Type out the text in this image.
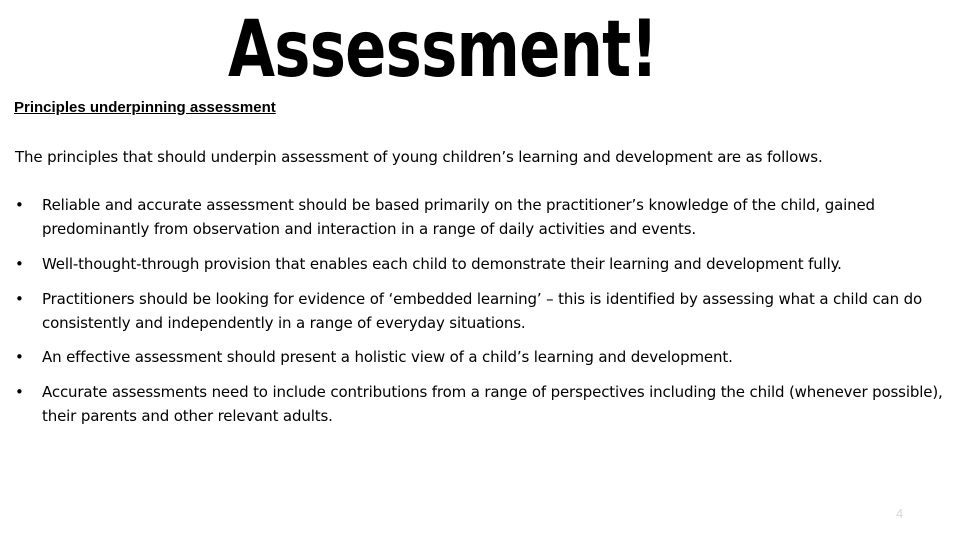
Assessment!
Principles underpinning assessment
The principles that should underpin assessment of young children’s learning and development are as follows.
•	Reliable and accurate assessment should be based primarily on the practitioner’s knowledge of the child, gained predominantly from observation and interaction in a range of daily activities and events.
•	Well-thought-through provision that enables each child to demonstrate their learning and development fully.
•	Practitioners should be looking for evidence of ‘embedded learning’ – this is identified by assessing what a child can do consistently and independently in a range of everyday situations.
•	An effective assessment should present a holistic view of a child’s learning and development.
•	Accurate assessments need to include contributions from a range of perspectives including the child (whenever possible), their parents and other relevant adults.
4
